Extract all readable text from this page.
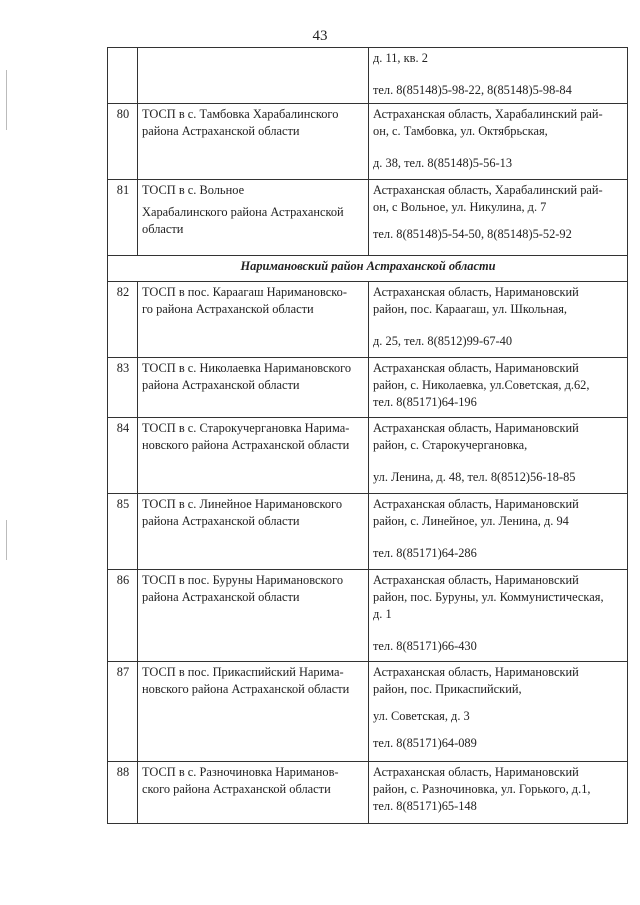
43

		д. 11, кв. 2
тел. 8(85148)5-98-22, 8(85148)5-98-84

80	ТОСП в с. Тамбовка Харабалинского
района Астраханской области	Астраханская область, Харабалинский рай-
он, с. Тамбовка, ул. Октябрьская,
д. 38, тел. 8(85148)5-56-13

81	ТОСП в с. Вольное
Харабалинского района Астраханской
области	Астраханская область, Харабалинский рай-
он, с Вольное, ул. Никулина, д. 7
тел. 8(85148)5-54-50, 8(85148)5-52-92

Наримановский район Астраханской области		
82	ТОСП в пос. Караагаш Наримановско-
го района Астраханской области	Астраханская область, Наримановский
район, пос. Караагаш, ул. Школьная,
д. 25, тел. 8(8512)99-67-40

83	ТОСП в с. Николаевка Наримановского
района Астраханской области	Астраханская область, Наримановский
район, с. Николаевка, ул.Советская, д.62,
тел. 8(85171)64-196

84	ТОСП в с. Старокучергановка Нарима-
новского района Астраханской области	Астраханская область, Наримановский
район, с. Старокучергановка,
ул. Ленина, д. 48, тел. 8(8512)56-18-85

85	ТОСП в с. Линейное Наримановского
района Астраханской области	Астраханская область, Наримановский
район, с. Линейное, ул. Ленина, д. 94
тел. 8(85171)64-286

86	ТОСП в пос. Буруны Наримановского
района Астраханской области	Астраханская область, Наримановский
район, пос. Буруны, ул. Коммунистическая,
д. 1
тел. 8(85171)66-430

87	ТОСП в пос. Прикаспийский Нарима-
новского района Астраханской области	Астраханская область, Наримановский
район, пос. Прикаспийский,
ул. Советская, д. 3
тел. 8(85171)64-089

88	ТОСП в с. Разночиновка Нариманов-
ского района Астраханской области	Астраханская область, Наримановский
район, с. Разночиновка, ул. Горького, д.1,
тел. 8(85171)65-148
